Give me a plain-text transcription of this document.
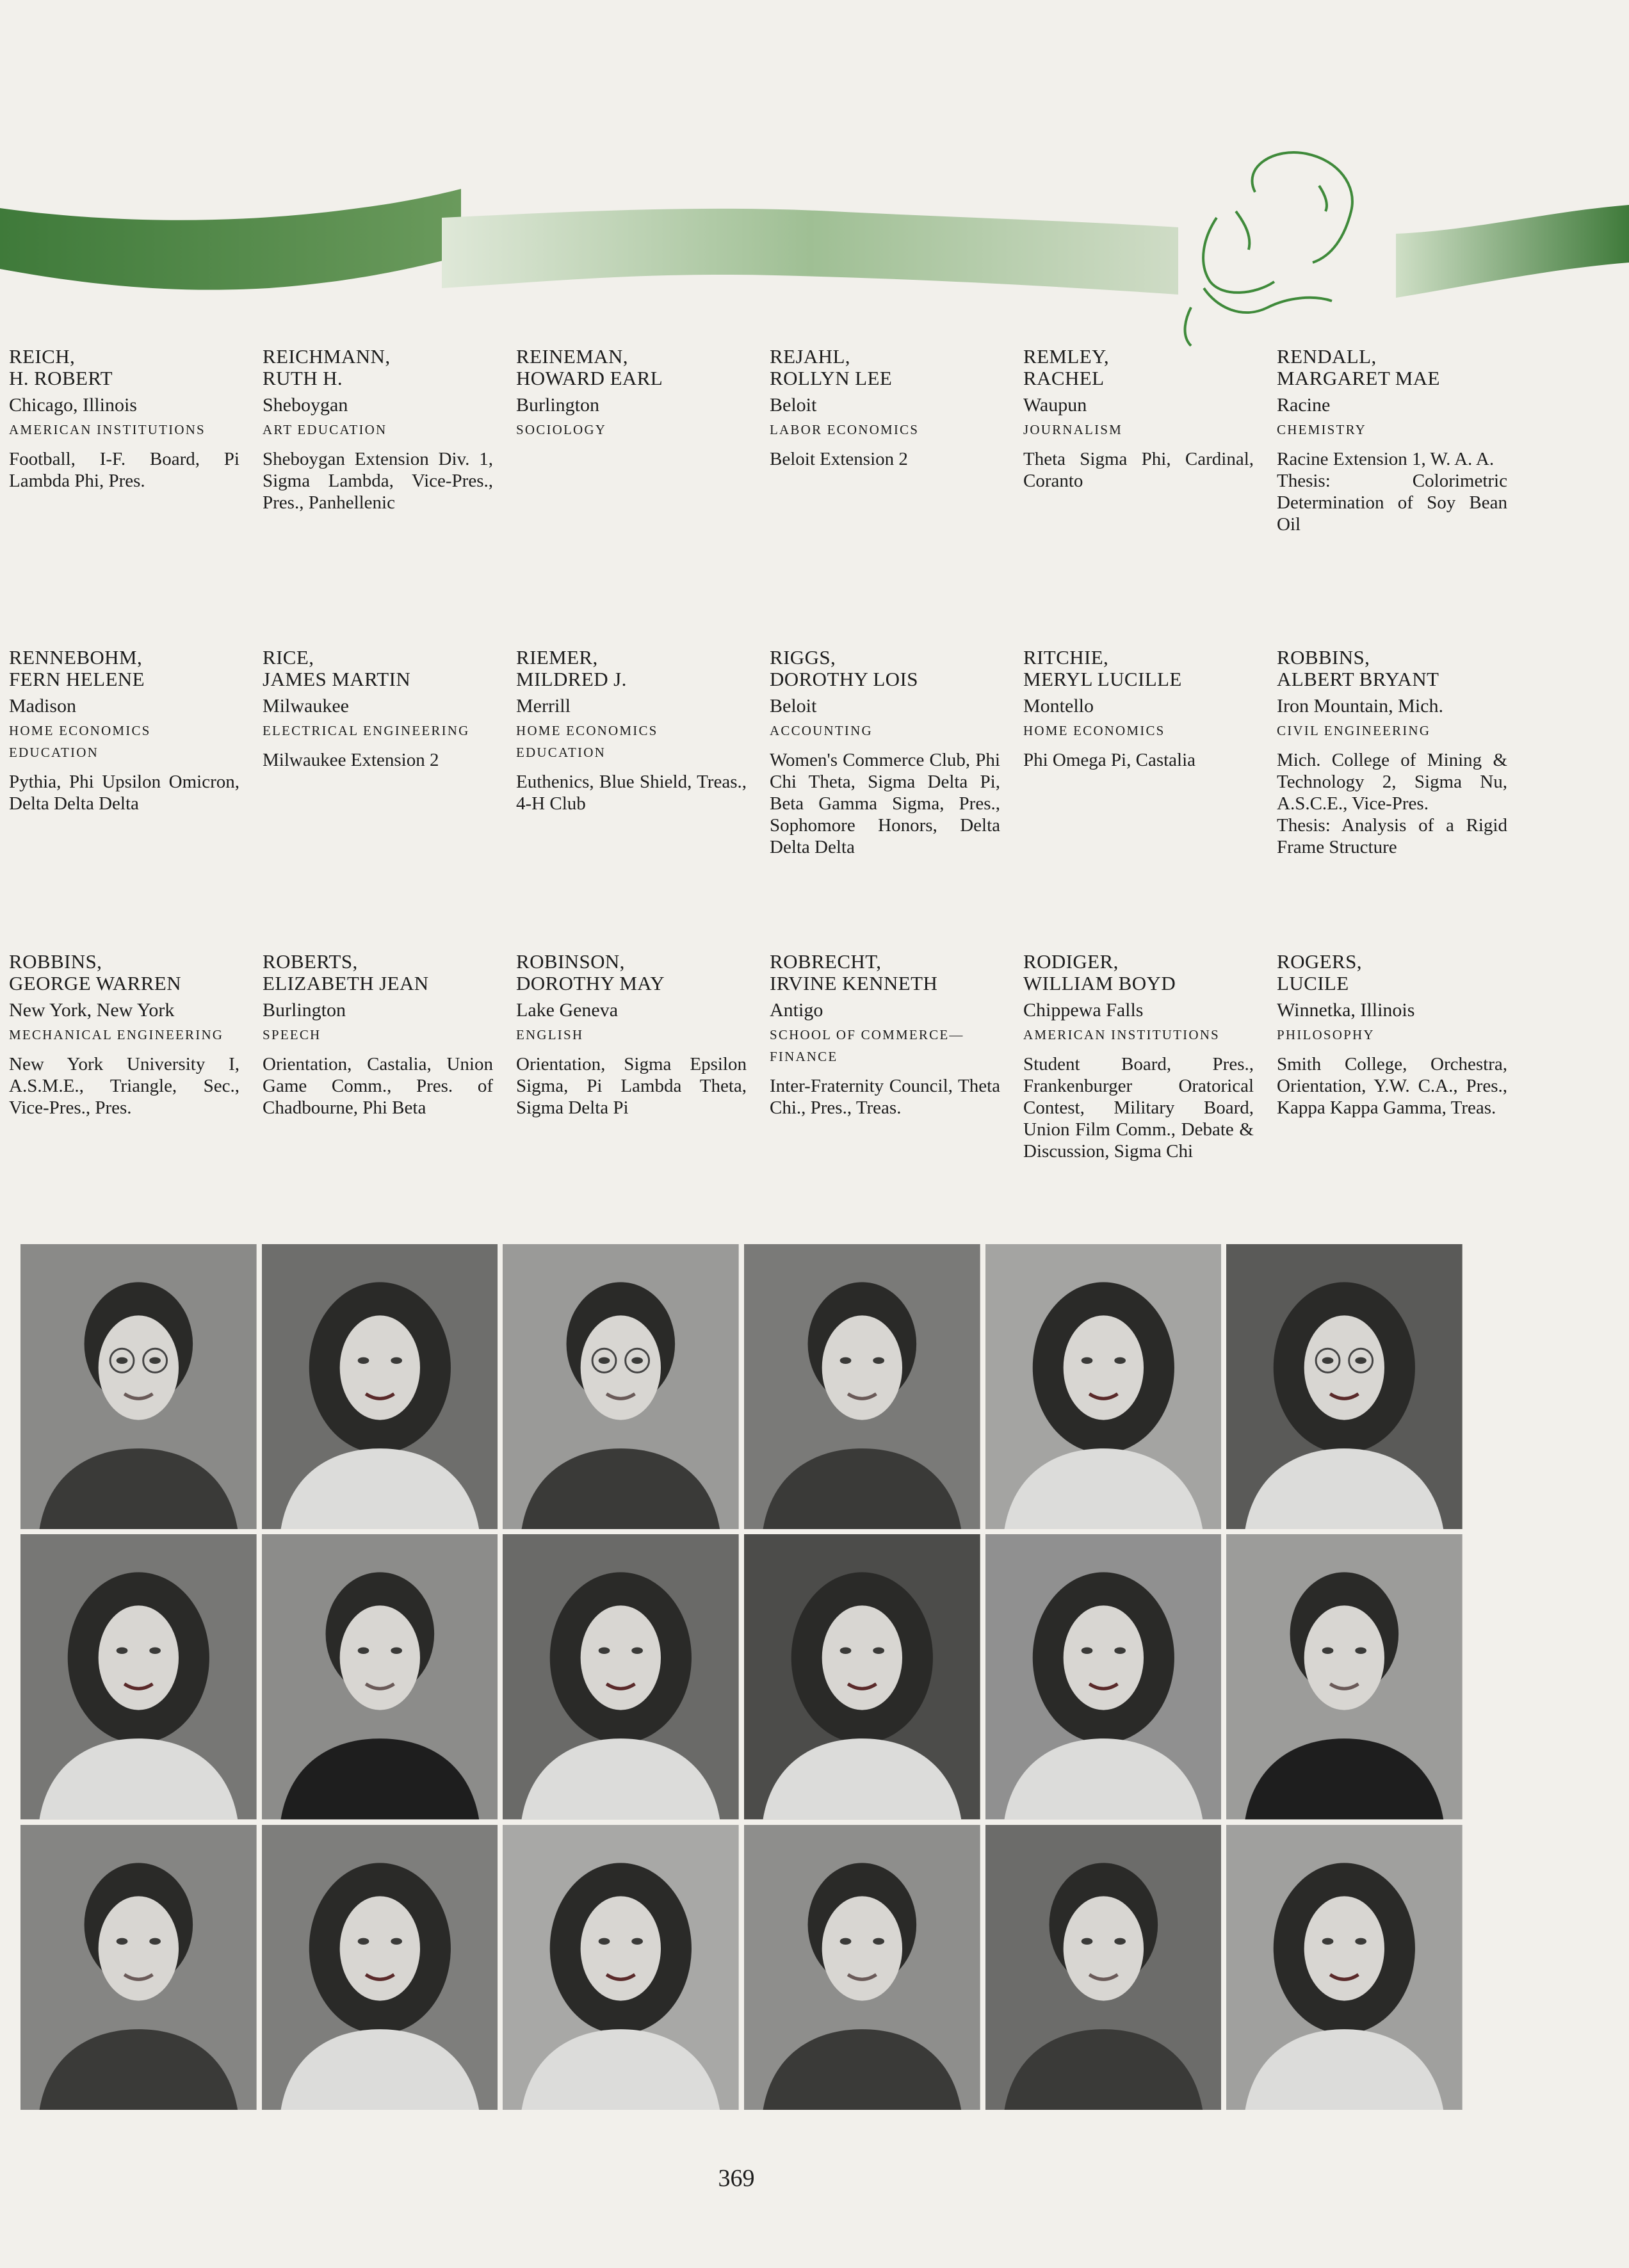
REICH,
H. ROBERT
Chicago, Illinois
AMERICAN INSTITUTIONS
Football, I-F. Board, Pi Lambda Phi, Pres.
REICHMANN,
RUTH H.
Sheboygan
ART EDUCATION
Sheboygan Extension Div. 1, Sigma Lambda, Vice-Pres., Pres., Panhellenic
REINEMAN,
HOWARD EARL
Burlington
SOCIOLOGY
REJAHL,
ROLLYN LEE
Beloit
LABOR ECONOMICS
Beloit Extension 2
REMLEY,
RACHEL
Waupun
JOURNALISM
Theta Sigma Phi, Cardinal, Coranto
RENDALL,
MARGARET MAE
Racine
CHEMISTRY
Racine Extension 1, W. A. A.
Thesis: Colorimetric Determination of Soy Bean Oil
RENNEBOHM,
FERN HELENE
Madison
HOME ECONOMICS EDUCATION
Pythia, Phi Upsilon Omicron, Delta Delta Delta
RICE,
JAMES MARTIN
Milwaukee
ELECTRICAL ENGINEERING
Milwaukee Extension 2
RIEMER,
MILDRED J.
Merrill
HOME ECONOMICS EDUCATION
Euthenics, Blue Shield, Treas., 4-H Club
RIGGS,
DOROTHY LOIS
Beloit
ACCOUNTING
Women's Commerce Club, Phi Chi Theta, Sigma Delta Pi, Beta Gamma Sigma, Pres., Sophomore Honors, Delta Delta Delta
RITCHIE,
MERYL LUCILLE
Montello
HOME ECONOMICS
Phi Omega Pi, Castalia
ROBBINS,
ALBERT BRYANT
Iron Mountain, Mich.
CIVIL ENGINEERING
Mich. College of Mining & Technology 2, Sigma Nu, A.S.C.E., Vice-Pres.
Thesis: Analysis of a Rigid Frame Structure
ROBBINS,
GEORGE WARREN
New York, New York
MECHANICAL ENGINEERING
New York University I, A.S.M.E., Triangle, Sec., Vice-Pres., Pres.
ROBERTS,
ELIZABETH JEAN
Burlington
SPEECH
Orientation, Castalia, Union Game Comm., Pres. of Chadbourne, Phi Beta
ROBINSON,
DOROTHY MAY
Lake Geneva
ENGLISH
Orientation, Sigma Epsilon Sigma, Pi Lambda Theta, Sigma Delta Pi
ROBRECHT,
IRVINE KENNETH
Antigo
SCHOOL OF COMMERCE—FINANCE
Inter-Fraternity Council, Theta Chi., Pres., Treas.
RODIGER,
WILLIAM BOYD
Chippewa Falls
AMERICAN INSTITUTIONS
Student Board, Pres., Frankenburger Oratorical Contest, Military Board, Union Film Comm., Debate & Discussion, Sigma Chi
ROGERS,
LUCILE
Winnetka, Illinois
PHILOSOPHY
Smith College, Orchestra, Orientation, Y.W. C.A., Pres., Kappa Kappa Gamma, Treas.
369
